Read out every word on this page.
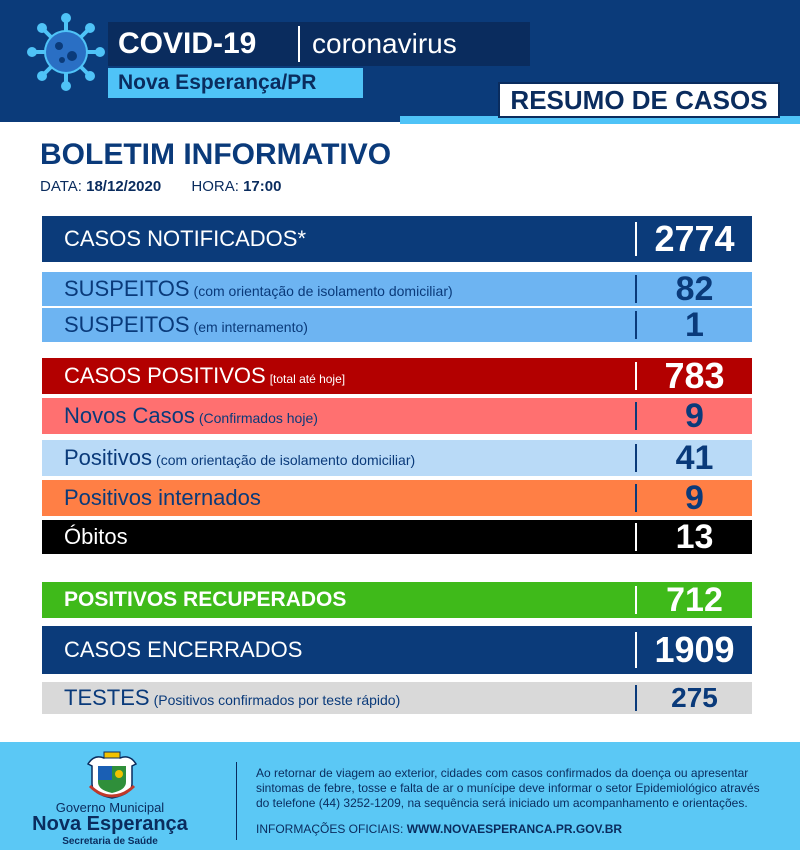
COVID-19 coronavirus
Nova Esperança/PR
RESUMO DE CASOS
BOLETIM INFORMATIVO
DATA: 18/12/2020 HORA: 17:00
CASOS NOTIFICADOS*	2774
SUSPEITOS (com orientação de isolamento domiciliar)	82
SUSPEITOS (em internamento)	1
CASOS POSITIVOS [total até hoje]	783
Novos Casos (Confirmados hoje)	9
Positivos (com orientação de isolamento domiciliar)	41
Positivos internados	9
Óbitos	13
POSITIVOS RECUPERADOS	712
CASOS ENCERRADOS	1909
TESTES (Positivos confirmados por teste rápido)	275
Governo Municipal
Nova Esperança
Secretaria de Saúde
Ao retornar de viagem ao exterior, cidades com casos confirmados da doença ou apresentar sintomas de febre, tosse e falta de ar o munícipe deve informar o setor Epidemiológico através do telefone (44) 3252-1209, na sequência será iniciado um acompanhamento e orientações.
INFORMAÇÕES OFICIAIS: WWW.NOVAESPERANCA.PR.GOV.BR
